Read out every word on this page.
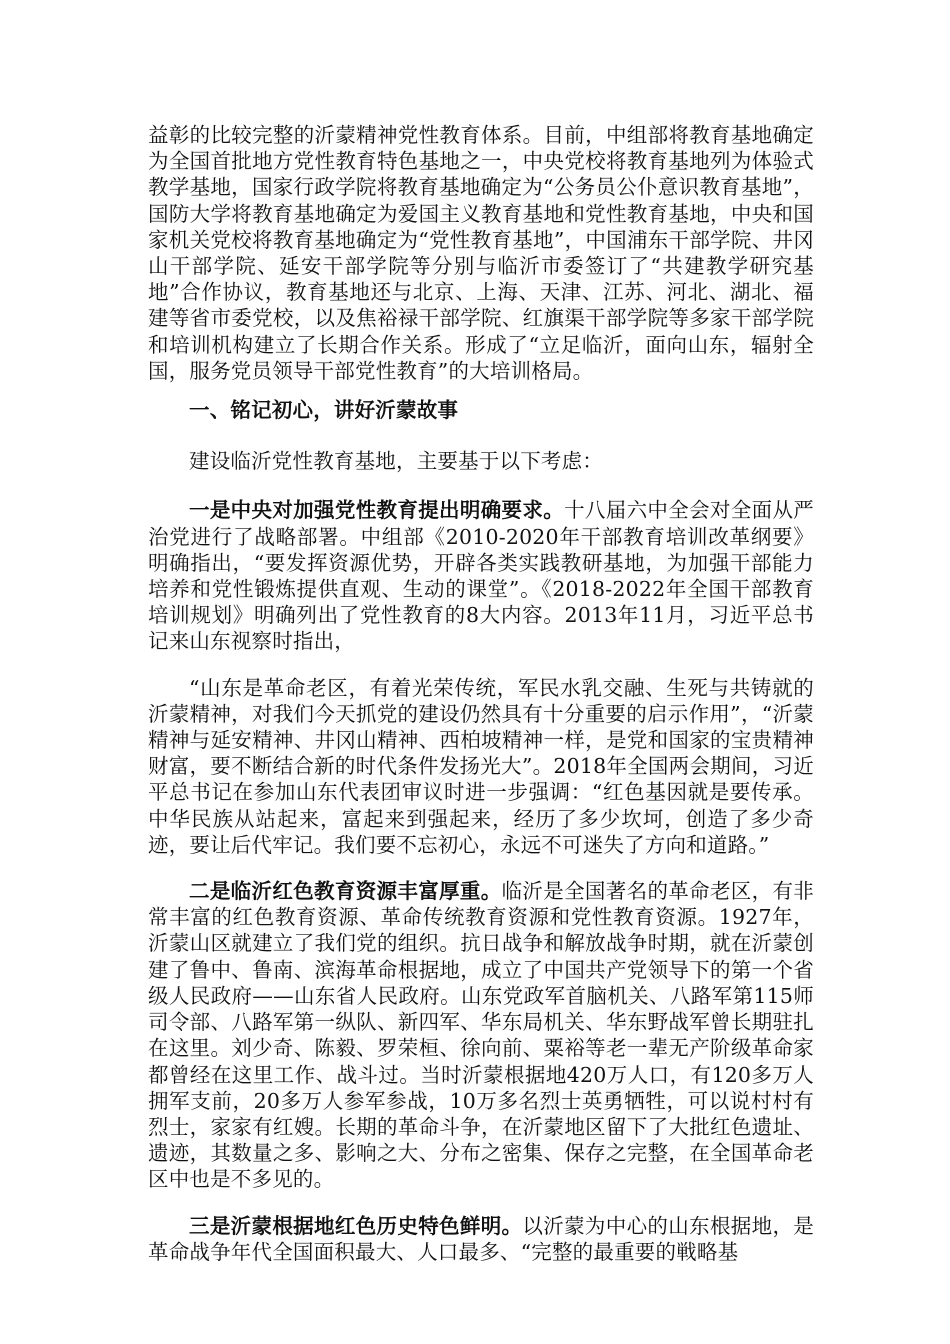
益彰的比较完整的沂蒙精神党性教育体系。目前，中组部将教育基地确定为全国首批地方党性教育特色基地之一，中央党校将教育基地列为体验式教学基地，国家行政学院将教育基地确定为“公务员公仆意识教育基地”，国防大学将教育基地确定为爱国主义教育基地和党性教育基地，中央和国家机关党校将教育基地确定为“党性教育基地”，中国浦东干部学院、井冈山干部学院、延安干部学院等分别与临沂市委签订了“共建教学研究基地”合作协议，教育基地还与北京、上海、天津、江苏、河北、湖北、福建等省市委党校，以及焦裕禄干部学院、红旗渠干部学院等多家干部学院和培训机构建立了长期合作关系。形成了“立足临沂，面向山东，辐射全国，服务党员领导干部党性教育”的大培训格局。

一、铭记初心，讲好沂蒙故事

建设临沂党性教育基地，主要基于以下考虑：

一是中央对加强党性教育提出明确要求。十八届六中全会对全面从严治党进行了战略部署。中组部《2010-2020年干部教育培训改革纲要》明确指出，“要发挥资源优势，开辟各类实践教研基地，为加强干部能力培养和党性锻炼提供直观、生动的课堂”。《2018-2022年全国干部教育培训规划》明确列出了党性教育的8大内容。2013年11月，习近平总书记来山东视察时指出，

“山东是革命老区，有着光荣传统，军民水乳交融、生死与共铸就的沂蒙精神，对我们今天抓党的建设仍然具有十分重要的启示作用”，“沂蒙精神与延安精神、井冈山精神、西柏坡精神一样，是党和国家的宝贵精神财富，要不断结合新的时代条件发扬光大”。2018年全国两会期间，习近平总书记在参加山东代表团审议时进一步强调：“红色基因就是要传承。中华民族从站起来，富起来到强起来，经历了多少坎坷，创造了多少奇迹，要让后代牢记。我们要不忘初心，永远不可迷失了方向和道路。”

二是临沂红色教育资源丰富厚重。临沂是全国著名的革命老区，有非常丰富的红色教育资源、革命传统教育资源和党性教育资源。1927年，沂蒙山区就建立了我们党的组织。抗日战争和解放战争时期，就在沂蒙创建了鲁中、鲁南、滨海革命根据地，成立了中国共产党领导下的第一个省级人民政府——山东省人民政府。山东党政军首脑机关、八路军第115师司令部、八路军第一纵队、新四军、华东局机关、华东野战军曾长期驻扎在这里。刘少奇、陈毅、罗荣桓、徐向前、粟裕等老一辈无产阶级革命家都曾经在这里工作、战斗过。当时沂蒙根据地420万人口，有120多万人拥军支前，20多万人参军参战，10万多名烈士英勇牺牲，可以说村村有烈士，家家有红嫂。长期的革命斗争，在沂蒙地区留下了大批红色遗址、遗迹，其数量之多、影响之大、分布之密集、保存之完整，在全国革命老区中也是不多见的。

三是沂蒙根据地红色历史特色鲜明。以沂蒙为中心的山东根据地，是革命战争年代全国面积最大、人口最多、“完整的最重要的戦略基
